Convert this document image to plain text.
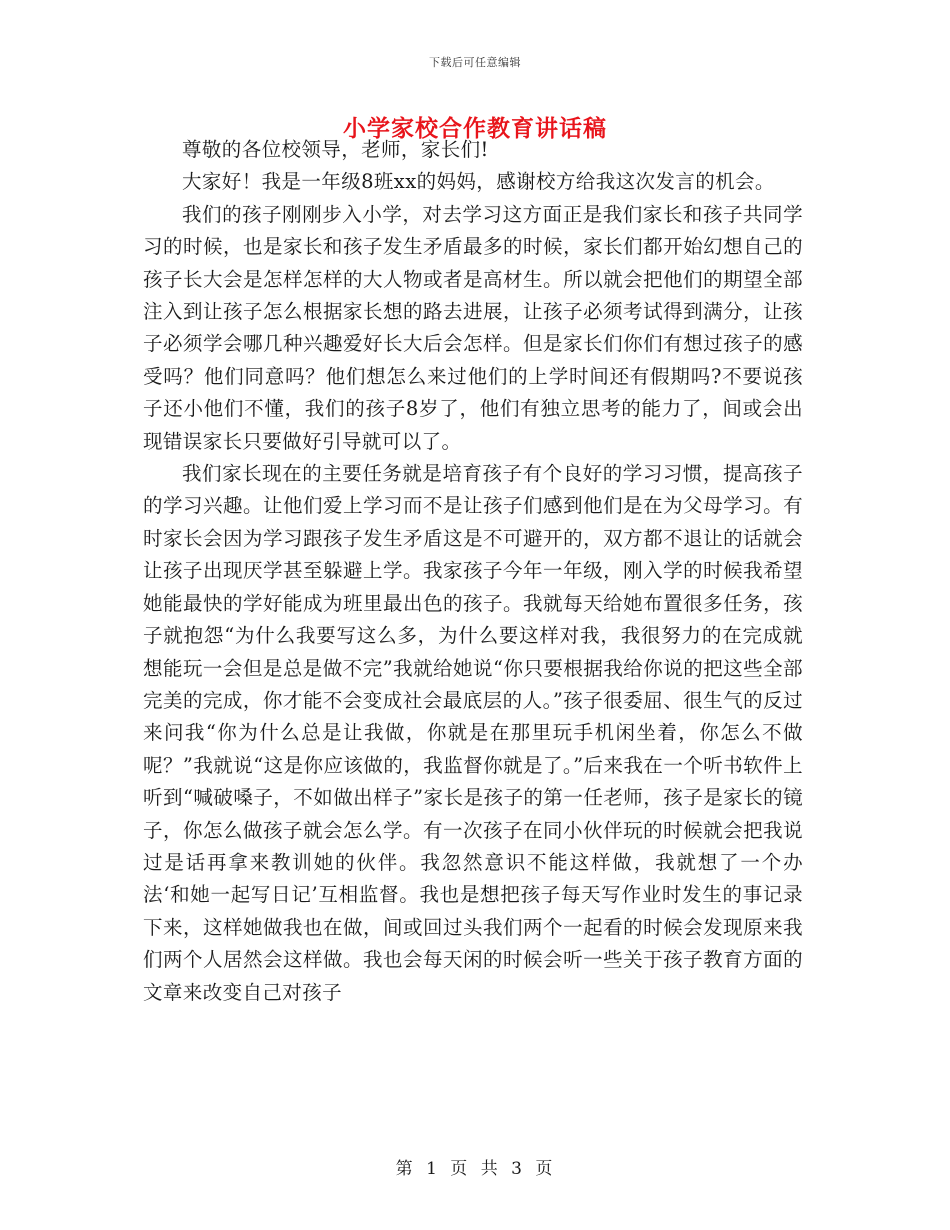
下载后可任意编辑
小学家校合作教育讲话稿

尊敬的各位校领导，老师，家长们!

大家好！我是一年级8班xx的妈妈，感谢校方给我这次发言的机会。

我们的孩子刚刚步入小学，对去学习这方面正是我们家长和孩子共同学习的时候，也是家长和孩子发生矛盾最多的时候，家长们都开始幻想自己的孩子长大会是怎样怎样的大人物或者是高材生。所以就会把他们的期望全部注入到让孩子怎么根据家长想的路去进展，让孩子必须考试得到满分，让孩子必须学会哪几种兴趣爱好长大后会怎样。但是家长们你们有想过孩子的感受吗？他们同意吗？他们想怎么来过他们的上学时间还有假期吗?不要说孩子还小他们不懂，我们的孩子8岁了，他们有独立思考的能力了，间或会出现错误家长只要做好引导就可以了。

我们家长现在的主要任务就是培育孩子有个良好的学习习惯，提高孩子的学习兴趣。让他们爱上学习而不是让孩子们感到他们是在为父母学习。有时家长会因为学习跟孩子发生矛盾这是不可避开的，双方都不退让的话就会让孩子出现厌学甚至躲避上学。我家孩子今年一年级，刚入学的时候我希望她能最快的学好能成为班里最出色的孩子。我就每天给她布置很多任务，孩子就抱怨“为什么我要写这么多，为什么要这样对我，我很努力的在完成就想能玩一会但是总是做不完”我就给她说“你只要根据我给你说的把这些全部完美的完成，你才能不会变成社会最底层的人。”孩子很委屈、很生气的反过来问我“你为什么总是让我做，你就是在那里玩手机闲坐着，你怎么不做呢？”我就说“这是你应该做的，我监督你就是了。”后来我在一个听书软件上听到“喊破嗓子，不如做出样子”家长是孩子的第一任老师，孩子是家长的镜子，你怎么做孩子就会怎么学。有一次孩子在同小伙伴玩的时候就会把我说过是话再拿来教训她的伙伴。我忽然意识不能这样做，我就想了一个办法‘和她一起写日记’互相监督。我也是想把孩子每天写作业时发生的事记录下来，这样她做我也在做，间或回过头我们两个一起看的时候会发现原来我们两个人居然会这样做。我也会每天闲的时候会听一些关于孩子教育方面的文章来改变自己对孩子

第 1 页 共 3 页
